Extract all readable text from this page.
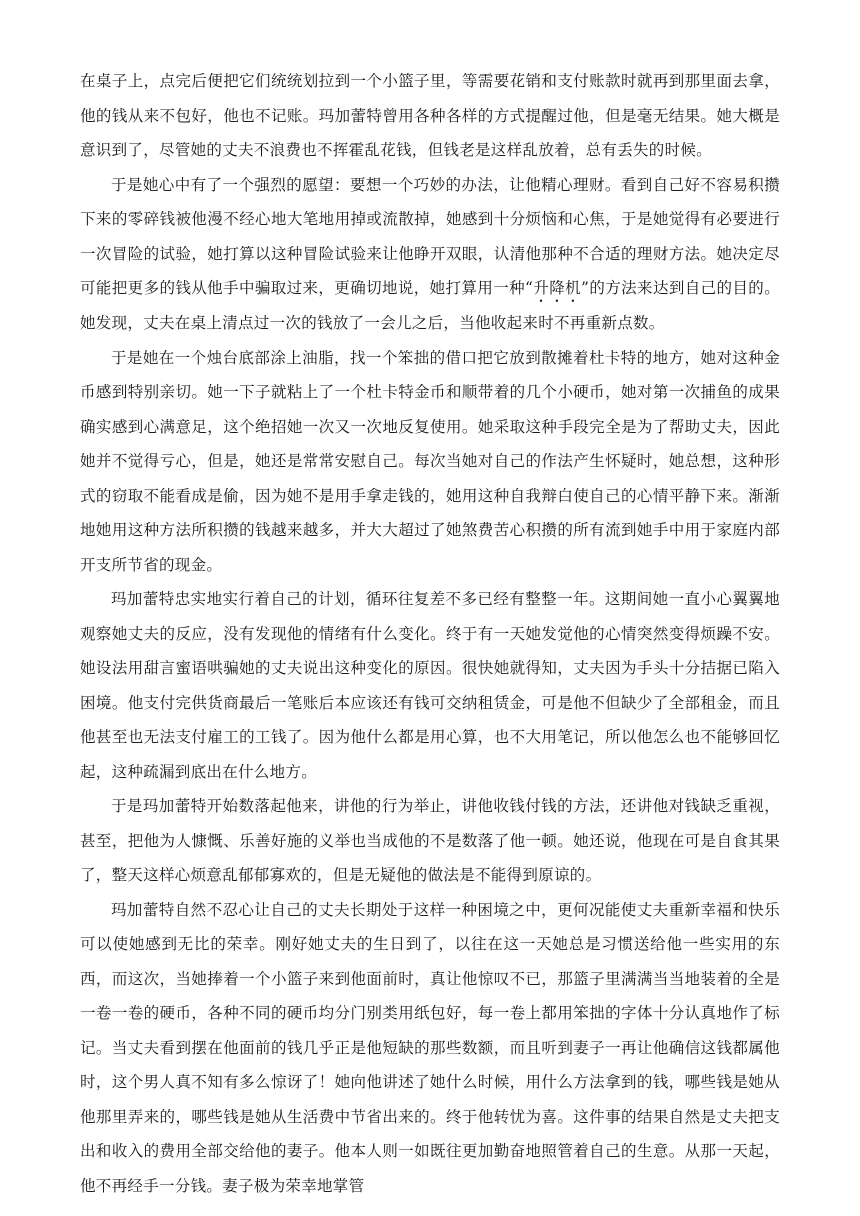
在桌子上，点完后便把它们统统划拉到一个小篮子里，等需要花销和支付账款时就再到那里面去拿，他的钱从来不包好，他也不记账。玛加蕾特曾用各种各样的方式提醒过他，但是毫无结果。她大概是意识到了，尽管她的丈夫不浪费也不挥霍乱花钱，但钱老是这样乱放着，总有丢失的时候。

于是她心中有了一个强烈的愿望：要想一个巧妙的办法，让他精心理财。看到自己好不容易积攒下来的零碎钱被他漫不经心地大笔地用掉或流散掉，她感到十分烦恼和心焦，于是她觉得有必要进行一次冒险的试验，她打算以这种冒险试验来让他睁开双眼，认清他那种不合适的理财方法。她决定尽可能把更多的钱从他手中骗取过来，更确切地说，她打算用一种“升降机”的方法来达到自己的目的。她发现，丈夫在桌上清点过一次的钱放了一会儿之后，当他收起来时不再重新点数。

于是她在一个烛台底部涂上油脂，找一个笨拙的借口把它放到散摊着杜卡特的地方，她对这种金币感到特别亲切。她一下子就粘上了一个杜卡特金币和顺带着的几个小硬币，她对第一次捕鱼的成果确实感到心满意足，这个绝招她一次又一次地反复使用。她采取这种手段完全是为了帮助丈夫，因此她并不觉得亏心，但是，她还是常常安慰自己。每次当她对自己的作法产生怀疑时，她总想，这种形式的窃取不能看成是偷，因为她不是用手拿走钱的，她用这种自我辩白使自己的心情平静下来。渐渐地她用这种方法所积攒的钱越来越多，并大大超过了她煞费苦心积攒的所有流到她手中用于家庭内部开支所节省的现金。

玛加蕾特忠实地实行着自己的计划，循环往复差不多已经有整整一年。这期间她一直小心翼翼地观察她丈夫的反应，没有发现他的情绪有什么变化。终于有一天她发觉他的心情突然变得烦躁不安。她设法用甜言蜜语哄骗她的丈夫说出这种变化的原因。很快她就得知，丈夫因为手头十分拮据已陷入困境。他支付完供货商最后一笔账后本应该还有钱可交纳租赁金，可是他不但缺少了全部租金，而且他甚至也无法支付雇工的工钱了。因为他什么都是用心算，也不大用笔记，所以他怎么也不能够回忆起，这种疏漏到底出在什么地方。

于是玛加蕾特开始数落起他来，讲他的行为举止，讲他收钱付钱的方法，还讲他对钱缺乏重视，甚至，把他为人慷慨、乐善好施的义举也当成他的不是数落了他一顿。她还说，他现在可是自食其果了，整天这样心烦意乱郁郁寡欢的，但是无疑他的做法是不能得到原谅的。

玛加蕾特自然不忍心让自己的丈夫长期处于这样一种困境之中，更何况能使丈夫重新幸福和快乐可以使她感到无比的荣幸。刚好她丈夫的生日到了，以往在这一天她总是习惯送给他一些实用的东西，而这次，当她捧着一个小篮子来到他面前时，真让他惊叹不已，那篮子里满满当当地装着的全是一卷一卷的硬币，各种不同的硬币均分门别类用纸包好，每一卷上都用笨拙的字体十分认真地作了标记。当丈夫看到摆在他面前的钱几乎正是他短缺的那些数额，而且听到妻子一再让他确信这钱都属他时，这个男人真不知有多么惊讶了！她向他讲述了她什么时候，用什么方法拿到的钱，哪些钱是她从他那里弄来的，哪些钱是她从生活费中节省出来的。终于他转忧为喜。这件事的结果自然是丈夫把支出和收入的费用全部交给他的妻子。他本人则一如既往更加勤奋地照管着自己的生意。从那一天起，他不再经手一分钱。妻子极为荣幸地掌管
